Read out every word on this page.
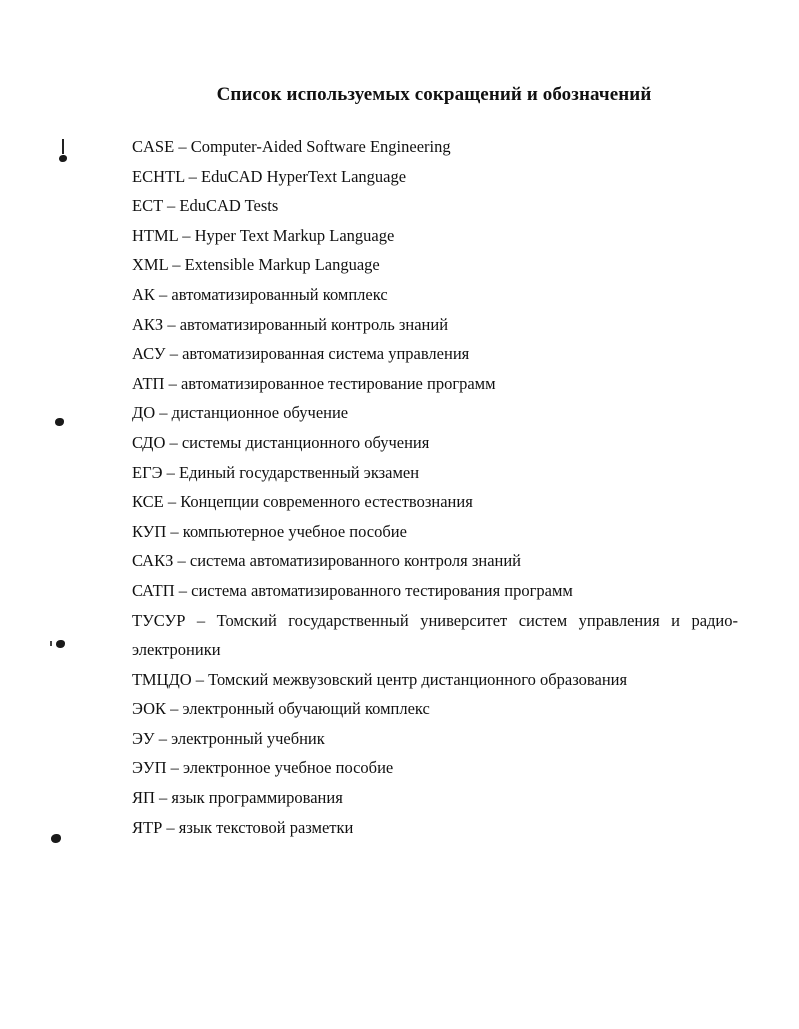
Список используемых сокращений и обозначений
CASE – Computer-Aided Software Engineering
ECHTL – EduCAD HyperText Language
ECT – EduCAD Tests
HTML – Hyper Text Markup Language
XML – Extensible Markup Language
АК – автоматизированный комплекс
АКЗ – автоматизированный контроль знаний
АСУ – автоматизированная система управления
АТП – автоматизированное тестирование программ
ДО – дистанционное обучение
СДО – системы дистанционного обучения
ЕГЭ – Единый государственный экзамен
КСЕ – Концепции современного естествознания
КУП – компьютерное учебное пособие
САКЗ – система автоматизированного контроля знаний
САТП – система автоматизированного тестирования программ
ТУСУР – Томский государственный университет систем управления и радио-электроники
ТМЦДО – Томский межвузовский центр дистанционного образования
ЭОК – электронный обучающий комплекс
ЭУ – электронный учебник
ЭУП – электронное учебное пособие
ЯП – язык программирования
ЯТР – язык текстовой разметки
